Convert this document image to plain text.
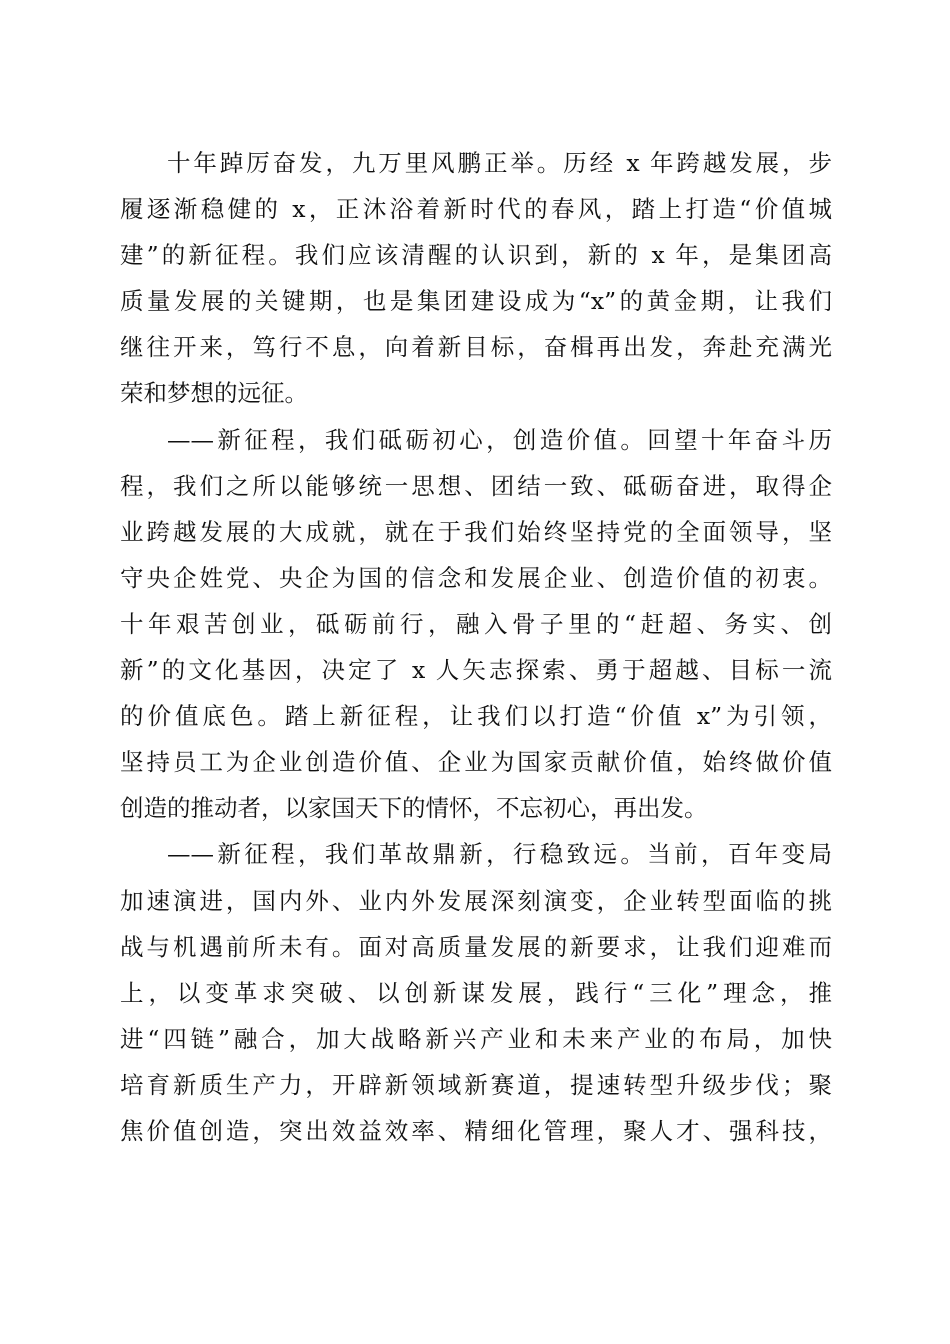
十年踔厉奋发，九万里风鹏正举。历经 x 年跨越发展，步
履逐渐稳健的 x，正沐浴着新时代的春风，踏上打造“价值城
建”的新征程。我们应该清醒的认识到，新的 x 年，是集团高
质量发展的关键期，也是集团建设成为“x”的黄金期，让我们
继往开来，笃行不息，向着新目标，奋楫再出发，奔赴充满光
荣和梦想的远征。
——新征程，我们砥砺初心，创造价值。回望十年奋斗历
程，我们之所以能够统一思想、团结一致、砥砺奋进，取得企
业跨越发展的大成就，就在于我们始终坚持党的全面领导，坚
守央企姓党、央企为国的信念和发展企业、创造价值的初衷。
十年艰苦创业，砥砺前行，融入骨子里的“赶超、务实、创
新”的文化基因，决定了 x 人矢志探索、勇于超越、目标一流
的价值底色。踏上新征程，让我们以打造“价值 x”为引领，
坚持员工为企业创造价值、企业为国家贡献价值，始终做价值
创造的推动者，以家国天下的情怀，不忘初心，再出发。
——新征程，我们革故鼎新，行稳致远。当前，百年变局
加速演进，国内外、业内外发展深刻演变，企业转型面临的挑
战与机遇前所未有。面对高质量发展的新要求，让我们迎难而
上，以变革求突破、以创新谋发展，践行“三化”理念，推
进“四链”融合，加大战略新兴产业和未来产业的布局，加快
培育新质生产力，开辟新领域新赛道，提速转型升级步伐；聚
焦价值创造，突出效益效率、精细化管理，聚人才、强科技，
